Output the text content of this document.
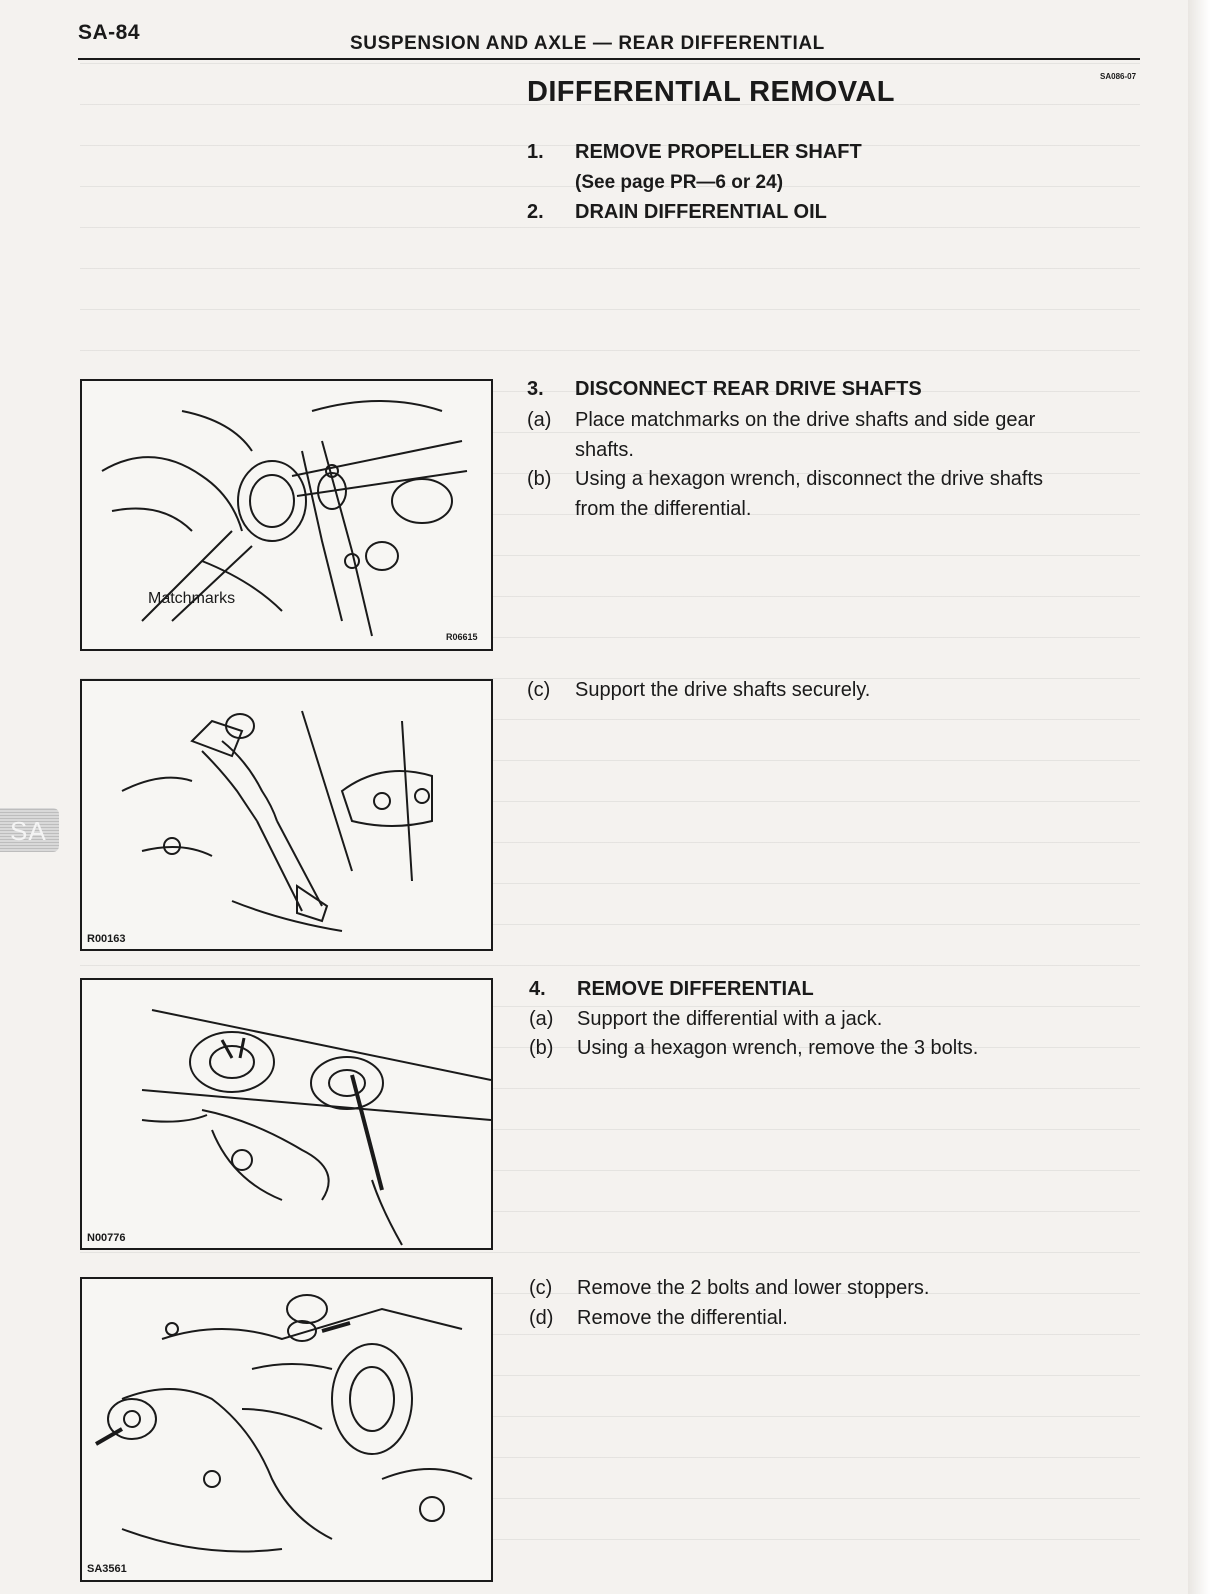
SA-84	SUSPENSION AND AXLE — REAR DIFFERENTIAL
SA086-07
SA
DIFFERENTIAL REMOVAL
1. REMOVE PROPELLER SHAFT
(See page PR—6 or 24)
2. DRAIN DIFFERENTIAL OIL
3. DISCONNECT REAR DRIVE SHAFTS
(a) Place matchmarks on the drive shafts and side gear
shafts.
(b) Using a hexagon wrench, disconnect the drive shafts
from the differential.
(c) Support the drive shafts securely.
4. REMOVE DIFFERENTIAL
(a) Support the differential with a jack.
(b) Using a hexagon wrench, remove the 3 bolts.
(c) Remove the 2 bolts and lower stoppers.
(d) Remove the differential.
Matchmarks
R06615
R00163
N00776
SA3561
